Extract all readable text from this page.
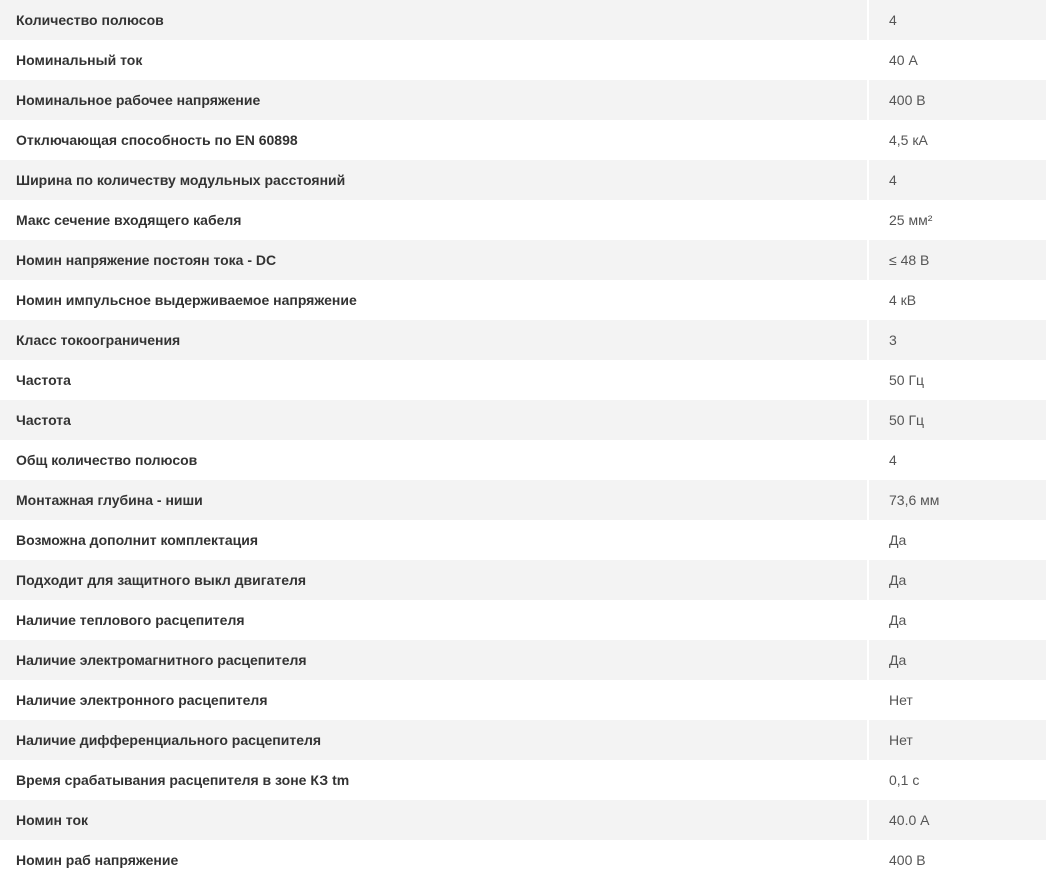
Количество полюсов	4
Номинальный ток	40 А
Номинальное рабочее напряжение	400 В
Отключающая способность по EN 60898	4,5 кА
Ширина по количеству модульных расстояний	4
Макс сечение входящего кабеля	25 мм²
Номин напряжение постоян тока - DC	≤ 48 В
Номин импульсное выдерживаемое напряжение	4 кВ
Класс токоограничения	3
Частота	50 Гц
Частота	50 Гц
Общ количество полюсов	4
Монтажная глубина - ниши	73,6 мм
Возможна дополнит комплектация	Да
Подходит для защитного выкл двигателя	Да
Наличие теплового расцепителя	Да
Наличие электромагнитного расцепителя	Да
Наличие электронного расцепителя	Нет
Наличие дифференциального расцепителя	Нет
Время срабатывания расцепителя в зоне КЗ tm	0,1 с
Номин ток	40.0 А
Номин раб напряжение	400 В
